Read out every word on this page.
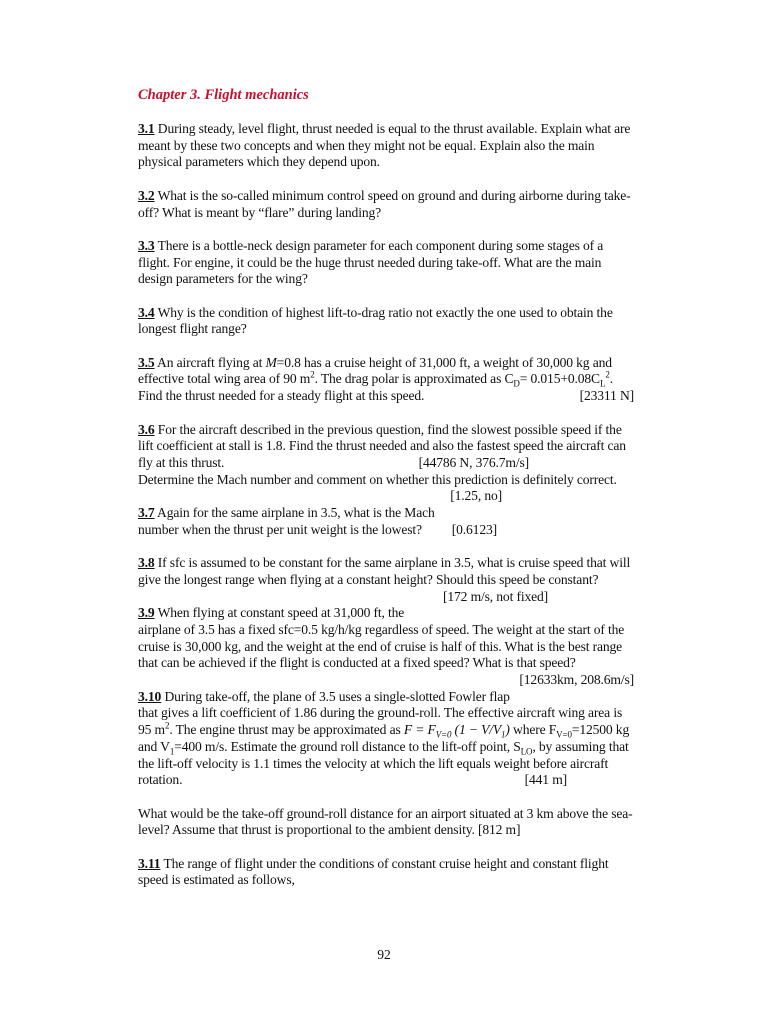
Chapter 3. Flight mechanics

3.1 During steady, level flight, thrust needed is equal to the thrust available. Explain what are meant by these two concepts and when they might not be equal. Explain also the main physical parameters which they depend upon.

3.2 What is the so-called minimum control speed on ground and during airborne during take-off? What is meant by “flare” during landing?

3.3 There is a bottle-neck design parameter for each component during some stages of a flight. For engine, it could be the huge thrust needed during take-off. What are the main design parameters for the wing?

3.4 Why is the condition of highest lift-to-drag ratio not exactly the one used to obtain the longest flight range?

3.5 An aircraft flying at M=0.8 has a cruise height of 31,000 ft, a weight of 30,000 kg and effective total wing area of 90 $m^2$. The drag polar is approximated as $C_D= 0.015+0.08C_L^2$. Find the thrust needed for a steady flight at this speed.	[23311 N]

3.6 For the aircraft described in the previous question, find the slowest possible speed if the lift coefficient at stall is 1.8. Find the thrust needed and also the fastest speed the aircraft can fly at this thrust.	[44786 N, 376.7m/s]

Determine the Mach number and comment on whether this prediction is definitely correct.
[1.25, no]

3.7 Again for the same airplane in 3.5, what is the Mach number when the thrust per unit weight is the lowest? [0.6123]

3.8 If sfc is assumed to be constant for the same airplane in 3.5, what is cruise speed that will give the longest range when flying at a constant height? Should this speed be constant?
[172 m/s, not fixed]

3.9 When flying at constant speed at 31,000 ft, the airplane of 3.5 has a fixed sfc=0.5 kg/h/kg regardless of speed. The weight at the start of the cruise is 30,000 kg, and the weight at the end of cruise is half of this. What is the best range that can be achieved if the flight is conducted at a fixed speed? What is that speed?
[12633km, 208.6m/s]

3.10 During take-off, the plane of 3.5 uses a single-slotted Fowler flap that gives a lift coefficient of 1.86 during the ground-roll. The effective aircraft wing area is 95 $m^2$. The engine thrust may be approximated as $F = F_{V=0}$ $(1 - V/V_1)$ where $F_{V=0}=12500$ kg and $V_1=400$ m/s. Estimate the ground roll distance to the lift-off point, $S_{LO}$, by assuming that the lift-off velocity is 1.1 times the velocity at which the lift equals weight before aircraft rotation.	[441 m]

What would be the take-off ground-roll distance for an airport situated at 3 km above the sea-level? Assume that thrust is proportional to the ambient density. [812 m]

3.11 The range of flight under the conditions of constant cruise height and constant flight speed is estimated as follows,

92
